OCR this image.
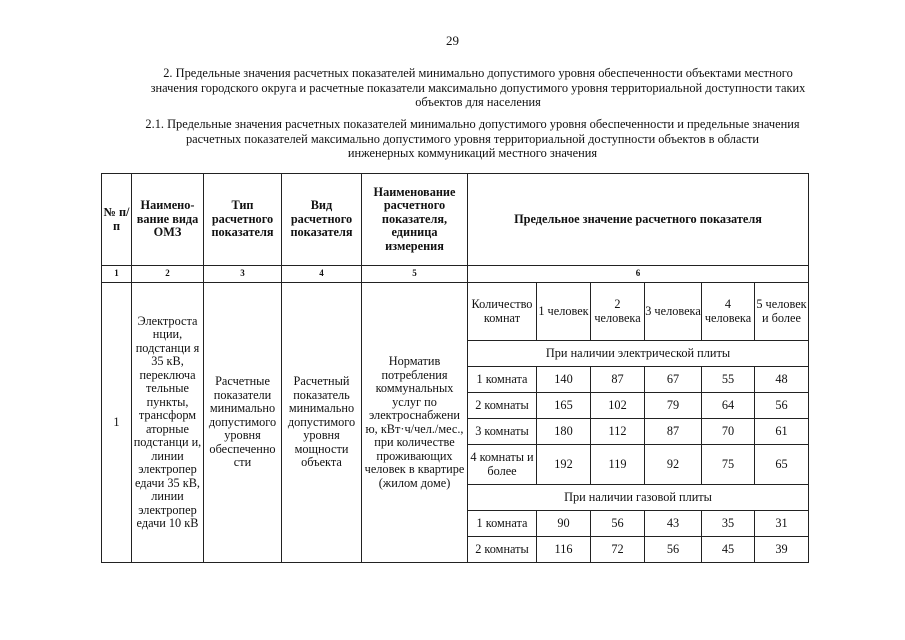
29
2. Предельные значения расчетных показателей минимально допустимого уровня обеспеченности объектами местного
значения городского округа и расчетные показатели максимально допустимого уровня территориальной доступности таких
объектов для населения
2.1. Предельные значения расчетных показателей минимально допустимого уровня обеспеченности и предельные значения
расчетных показателей максимально допустимого уровня территориальной доступности объектов в области
инженерных коммуникаций местного значения
№ п/п	Наимено- вание вида ОМЗ	Тип расчетного показателя	Вид расчетного показателя	Наименование расчетного показателя, единица измерения	Предельное значение расчетного показателя					
1	2	3	4	5	6					
1	Электроста нции, подстанци я 35 кВ, переключа тельные пункты, трансформ аторные подстанци и, линии электропер едачи 35 кВ, линии электропер едачи 10 кВ	Расчетные показатели минимально допустимого уровня обеспеченно сти	Расчетный показатель минимально допустимого уровня мощности объекта	Норматив потребления коммунальных услуг по электроснабжени ю, кВт·ч/чел./мес., при количестве проживающих человек в квартире (жилом доме)	Количество комнат	1 человек	2 человека	3 человека	4 человека	5 человек и более
					При наличии электрической плиты					
					1 комната	140	87	67	55	48
					2 комнаты	165	102	79	64	56
					3 комнаты	180	112	87	70	61
					4 комнаты и более	192	119	92	75	65
					При наличии газовой плиты					
					1 комната	90	56	43	35	31
					2 комнаты	116	72	56	45	39
